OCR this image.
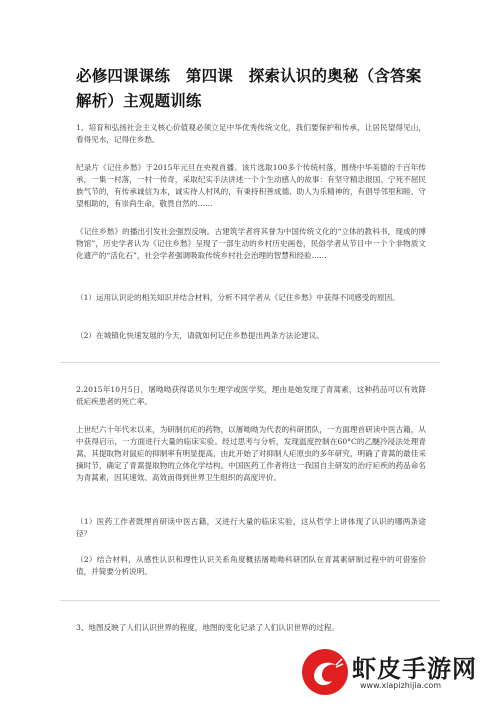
必修四课课练　第四课　探索认识的奥秘（含答案解析）主观题训练
1、培育和弘扬社会主义核心价值观必须立足中华优秀传统文化，我们要保护和传承，让居民望得见山，看得见水，记得住乡愁。
纪录片《记住乡愁》于2015年元旦在央视首播。该片选取100多个传统村落，围绕中华美德的千百年传承，一集一村落，一村一传奇，采取纪实手法讲述一个个生动感人的故事：有坚守精忠报国、宁死不屈民族气节的，有传承诚信为本，诚实待人村风的，有秉持积善成德、助人为乐精神的，有倡导邻里和睦、守望相助的，有崇尚生命，敬畏自然的……
《记住乡愁》的播出引发社会强烈反响。古建筑学者将其誉为中国传统文化的“立体的教科书，现成的博物馆”，历史学者认为《记住乡愁》呈现了一部生动的乡村历史画卷，民俗学者从节目中一个个非物质文化遗产的“活化石”，社会学者强调吸取传统乡村社会治理的智慧和经验……
（1）运用认识论的相关知识并结合材料，分析不同学者从《记住乡愁》中获得不同感受的原因。
（2）在城镇化快速发展的今天，请就如何记住乡愁提出两条方法论建议。
2.2015年10月5日，屠呦呦获得诺贝尔生理学或医学奖，理由是她发现了青蒿素，这种药品可以有效降低疟疾患者的死亡率。
上世纪六十年代末以来，为研制抗疟的药物，以屠呦呦为代表的科研团队，一方面理首研读中医古籍，从中获得启示，一方面进行大量的临床实验。经过思考与分析，发现温度控制在60°C的乙醚冷浸法处理青蒿，其提取物对鼠疟的抑制率有明显提高，由此开始了对抑制人疟原虫的多年研究，明确了青蒿的最佳采摘时节，确定了青蒿提取物的立体化学结构。中国医药工作者将这一我国自主研发的治疗疟疾的药品命名为青蒿素，因其速效、高效而得到世界卫生组织的高度评价。
（1）医药工作者既埋首研读中医古籍，又进行大量的临床实验，这从哲学上讲体现了认识的哪两条途径？
（2）结合材料，从感性认识和理性认识关系角度概括屠呦呦科研团队在青蒿素研制过程中的可借鉴价值，并简要分析说明。
3、地图反映了人们认识世界的程度，地图的变化记录了人们认识世界的过程。
虾皮手游网
www.xiapizhijia.com
